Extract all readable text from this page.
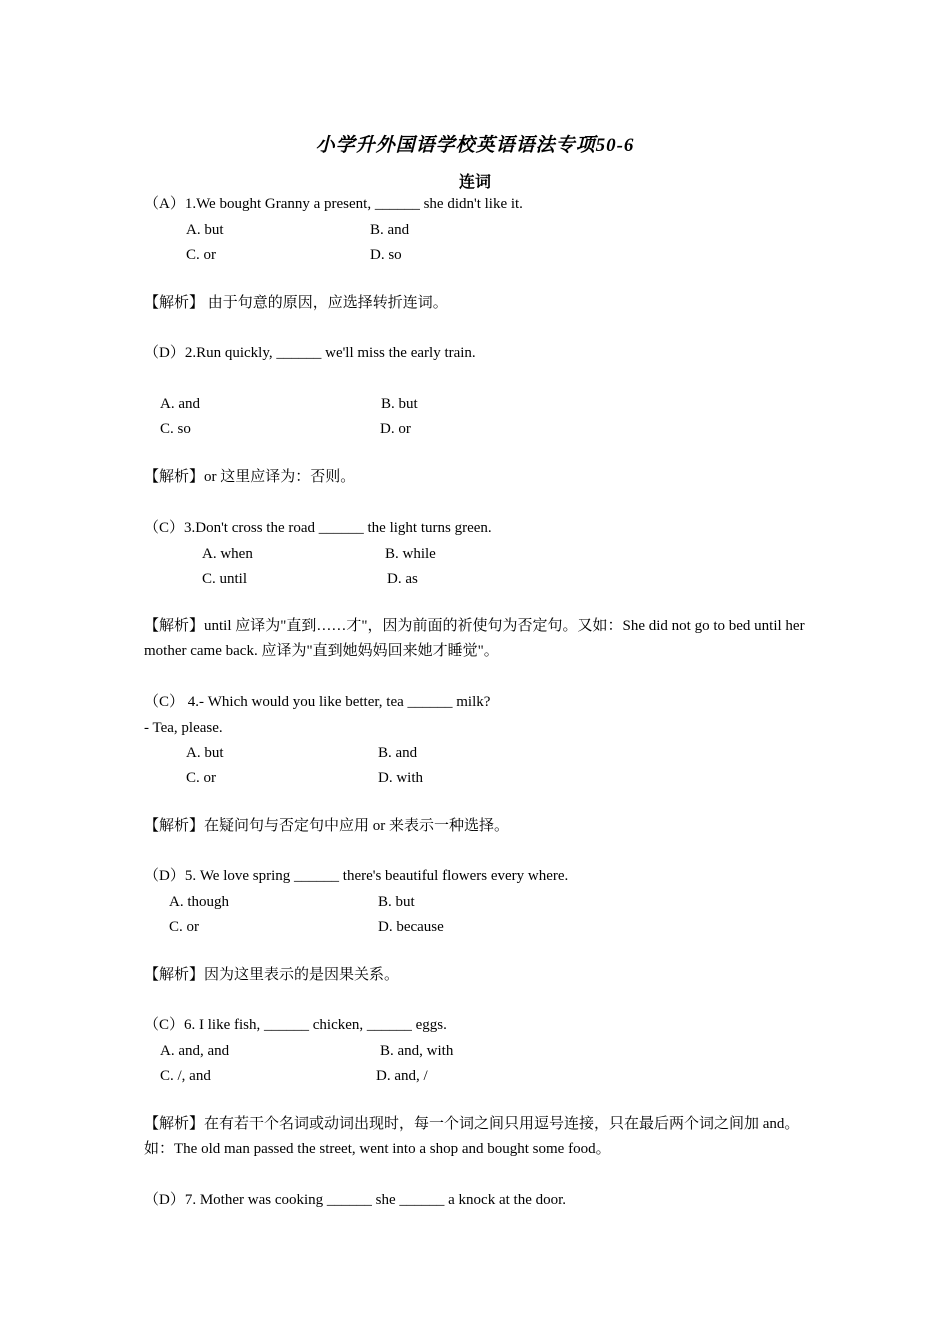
小学升外国语学校英语语法专项50-6
连词
（A）1.We bought Granny a present, ______ she didn't like it.
A. but	B. and
C. or	D. so
【解析】 由于句意的原因，应选择转折连词。
（D）2.Run quickly, ______ we'll miss the early train.
A. and	B. but
C. so	D. or
【解析】or 这里应译为：否则。
（C）3.Don't cross the road ______ the light turns green.
A. when	B. while
C. until	D. as
【解析】until 应译为"直到……才"，因为前面的祈使句为否定句。又如：She did not go to bed until her mother came back. 应译为"直到她妈妈回来她才睡觉"。
（C） 4.- Which would you like better, tea ______ milk?
- Tea, please.
A. but	B. and
C. or	D. with
【解析】在疑问句与否定句中应用 or 来表示一种选择。
（D）5. We love spring ______ there's beautiful flowers every where.
A. though	B. but
C. or	D. because
【解析】因为这里表示的是因果关系。
（C）6. I like fish, ______ chicken, ______ eggs.
A. and, and	B. and, with
C. /, and	D. and, /
【解析】在有若干个名词或动词出现时，每一个词之间只用逗号连接，只在最后两个词之间加 and。如：The old man passed the street, went into a shop and bought some food。
（D）7. Mother was cooking ______ she ______ a knock at the door.
